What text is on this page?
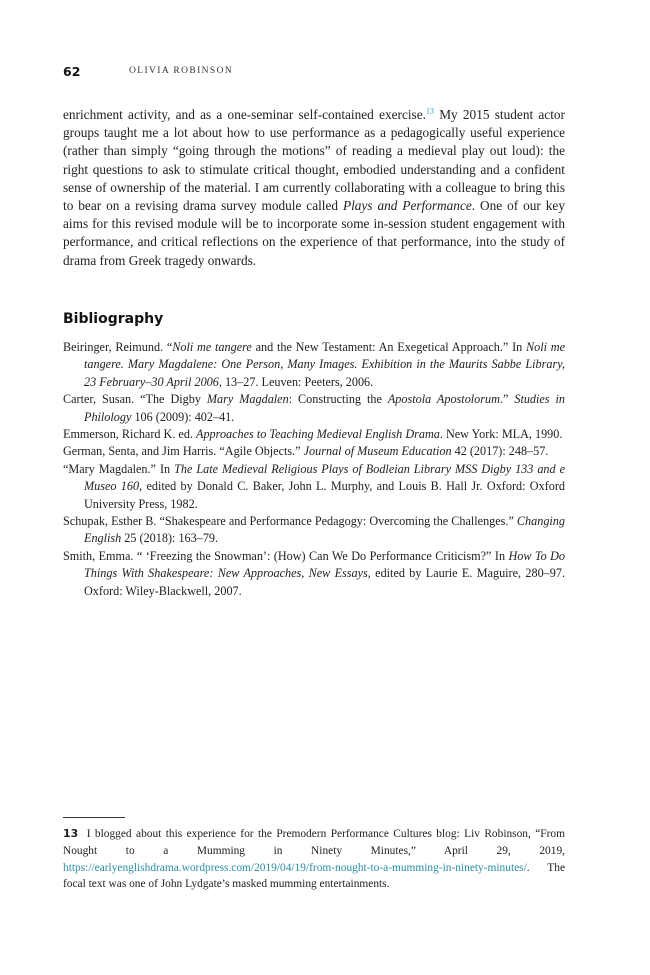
62	OLIVIA ROBINSON

enrichment activity, and as a one-seminar self-contained exercise.$^{13}$ My 2015 student actor groups taught me a lot about how to use performance as a pedagogically useful experience (rather than simply “going through the motions” of reading a medieval play out loud): the right questions to ask to stimulate critical thought, embodied understanding and a confident sense of ownership of the material. I am currently collaborating with a colleague to bring this to bear on a revising drama survey module called Plays and Performance. One of our key aims for this revised module will be to incorporate some in-session student engagement with performance, and critical reflections on the experience of that performance, into the study of drama from Greek tragedy onwards.

Bibliography
Beiringer, Reimund. “Noli me tangere and the New Testament: An Exegetical Approach.” In Noli me tangere. Mary Magdalene: One Person, Many Images. Exhibition in the Maurits Sabbe Library, 23 February–30 April 2006, 13–27. Leuven: Peeters, 2006.
Carter, Susan. “The Digby Mary Magdalen: Constructing the Apostola Apostolorum.” Studies in Philology 106 (2009): 402–41.
Emmerson, Richard K. ed. Approaches to Teaching Medieval English Drama. New York: MLA, 1990.
German, Senta, and Jim Harris. “Agile Objects.” Journal of Museum Education 42 (2017): 248–57.
“Mary Magdalen.” In The Late Medieval Religious Plays of Bodleian Library MSS Digby 133 and e Museo 160, edited by Donald C. Baker, John L. Murphy, and Louis B. Hall Jr. Oxford: Oxford University Press, 1982.
Schupak, Esther B. “Shakespeare and Performance Pedagogy: Overcoming the Challenges.” Changing English 25 (2018): 163–79.
Smith, Emma. “ ‘Freezing the Snowman’: (How) Can We Do Performance Criticism?” In How To Do Things With Shakespeare: New Approaches, New Essays, edited by Laurie E. Maguire, 280–97. Oxford: Wiley-Blackwell, 2007.

13 I blogged about this experience for the Premodern Performance Cultures blog: Liv Robinson, “From Nought to a Mumming in Ninety Minutes,” April 29, 2019, https://earlyenglishdrama.wordpress.com/2019/04/19/from-nought-to-a-mumming-in-ninety-minutes/. The focal text was one of John Lydgate’s masked mumming entertainments.
